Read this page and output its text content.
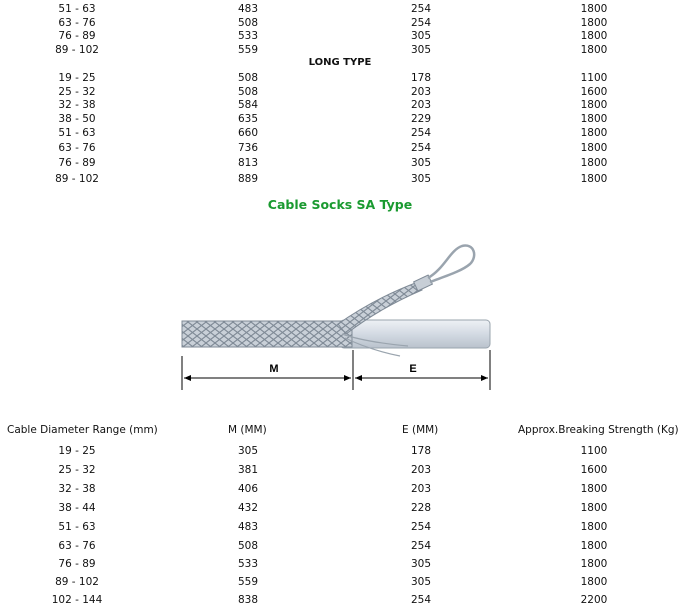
51 - 63	483	254	1800
63 - 76	508	254	1800
76 - 89	533	305	1800
89 - 102	559	305	1800
LONG TYPE
19 - 25	508	178	1100
25 - 32	508	203	1600
32 - 38	584	203	1800
38 - 50	635	229	1800
51 - 63	660	254	1800
63 - 76	736	254	1800
76 - 89	813	305	1800
89 - 102	889	305	1800
Cable Socks SA Type
M	E
Cable Diameter Range (mm)	M (MM)	E (MM)	Approx.Breaking Strength (Kg)
19 - 25	305	178	1100
25 - 32	381	203	1600
32 - 38	406	203	1800
38 - 44	432	228	1800
51 - 63	483	254	1800
63 - 76	508	254	1800
76 - 89	533	305	1800
89 - 102	559	305	1800
102 - 144	838	254	2200
